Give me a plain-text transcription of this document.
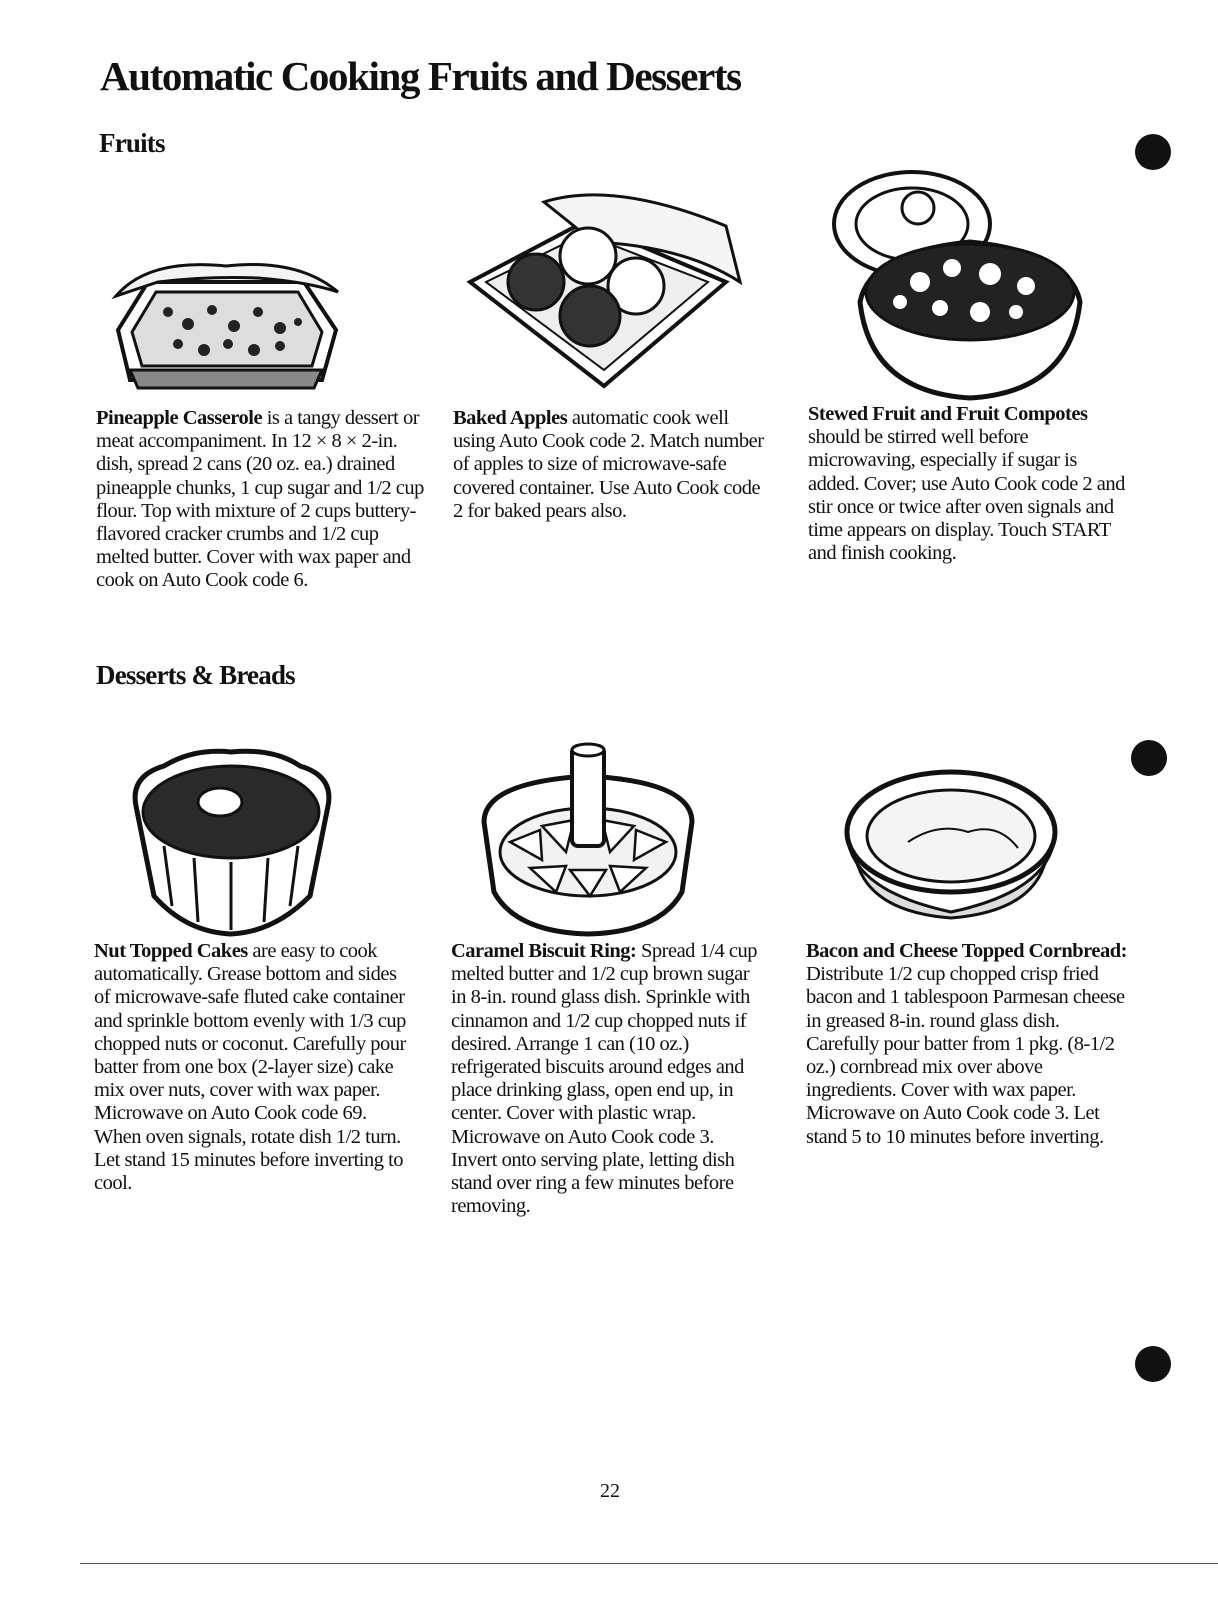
Automatic Cooking Fruits and Desserts
Fruits

Pineapple Casserole is a tangy dessert or meat accompaniment. In 12 × 8 × 2-in. dish, spread 2 cans (20 oz. ea.) drained pineapple chunks, 1 cup sugar and 1/2 cup flour. Top with mixture of 2 cups buttery-flavored cracker crumbs and 1/2 cup melted butter. Cover with wax paper and cook on Auto Cook code 6.

Baked Apples automatic cook well using Auto Cook code 2. Match number of apples to size of microwave-safe covered container. Use Auto Cook code 2 for baked pears also.

Stewed Fruit and Fruit Compotes should be stirred well before microwaving, especially if sugar is added. Cover; use Auto Cook code 2 and stir once or twice after oven signals and time appears on display. Touch START and finish cooking.

Desserts & Breads

Nut Topped Cakes are easy to cook automatically. Grease bottom and sides of microwave-safe fluted cake container and sprinkle bottom evenly with 1/3 cup chopped nuts or coconut. Carefully pour batter from one box (2-layer size) cake mix over nuts, cover with wax paper. Microwave on Auto Cook code 69. When oven signals, rotate dish 1/2 turn. Let stand 15 minutes before inverting to cool.

Caramel Biscuit Ring: Spread 1/4 cup melted butter and 1/2 cup brown sugar in 8-in. round glass dish. Sprinkle with cinnamon and 1/2 cup chopped nuts if desired. Arrange 1 can (10 oz.) refrigerated biscuits around edges and place drinking glass, open end up, in center. Cover with plastic wrap. Microwave on Auto Cook code 3. Invert onto serving plate, letting dish stand over ring a few minutes before removing.

Bacon and Cheese Topped Cornbread: Distribute 1/2 cup chopped crisp fried bacon and 1 tablespoon Parmesan cheese in greased 8-in. round glass dish. Carefully pour batter from 1 pkg. (8-1/2 oz.) cornbread mix over above ingredients. Cover with wax paper. Microwave on Auto Cook code 3. Let stand 5 to 10 minutes before inverting.

22
